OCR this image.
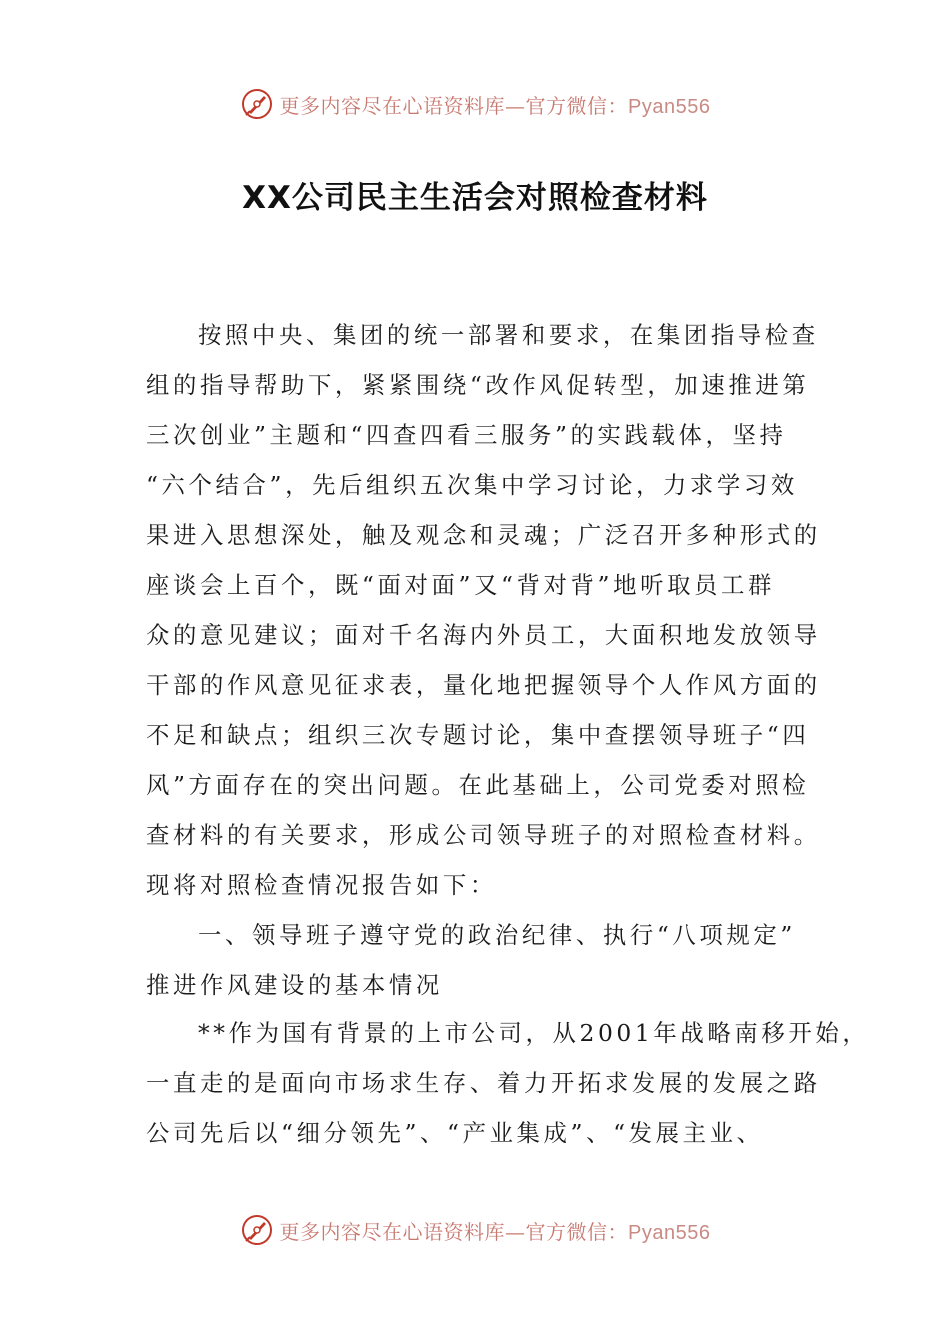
更多内容尽在心语资料库—官方微信：Pyan556
XX公司民主生活会对照检查材料
按照中央、集团的统一部署和要求，在集团指导检查
组的指导帮助下，紧紧围绕“改作风促转型，加速推进第
三次创业”主题和“四查四看三服务”的实践载体，坚持
“六个结合”，先后组织五次集中学习讨论，力求学习效
果进入思想深处，触及观念和灵魂；广泛召开多种形式的
座谈会上百个，既“面对面”又“背对背”地听取员工群
众的意见建议；面对千名海内外员工，大面积地发放领导
干部的作风意见征求表，量化地把握领导个人作风方面的
不足和缺点；组织三次专题讨论，集中查摆领导班子“四
风”方面存在的突出问题。在此基础上，公司党委对照检
查材料的有关要求，形成公司领导班子的对照检查材料。
现将对照检查情况报告如下：
一、领导班子遵守党的政治纪律、执行“八项规定”
推进作风建设的基本情况
**作为国有背景的上市公司，从2001年战略南移开始，
一直走的是面向市场求生存、着力开拓求发展的发展之路
公司先后以“细分领先”、“产业集成”、“发展主业、
更多内容尽在心语资料库—官方微信：Pyan556
